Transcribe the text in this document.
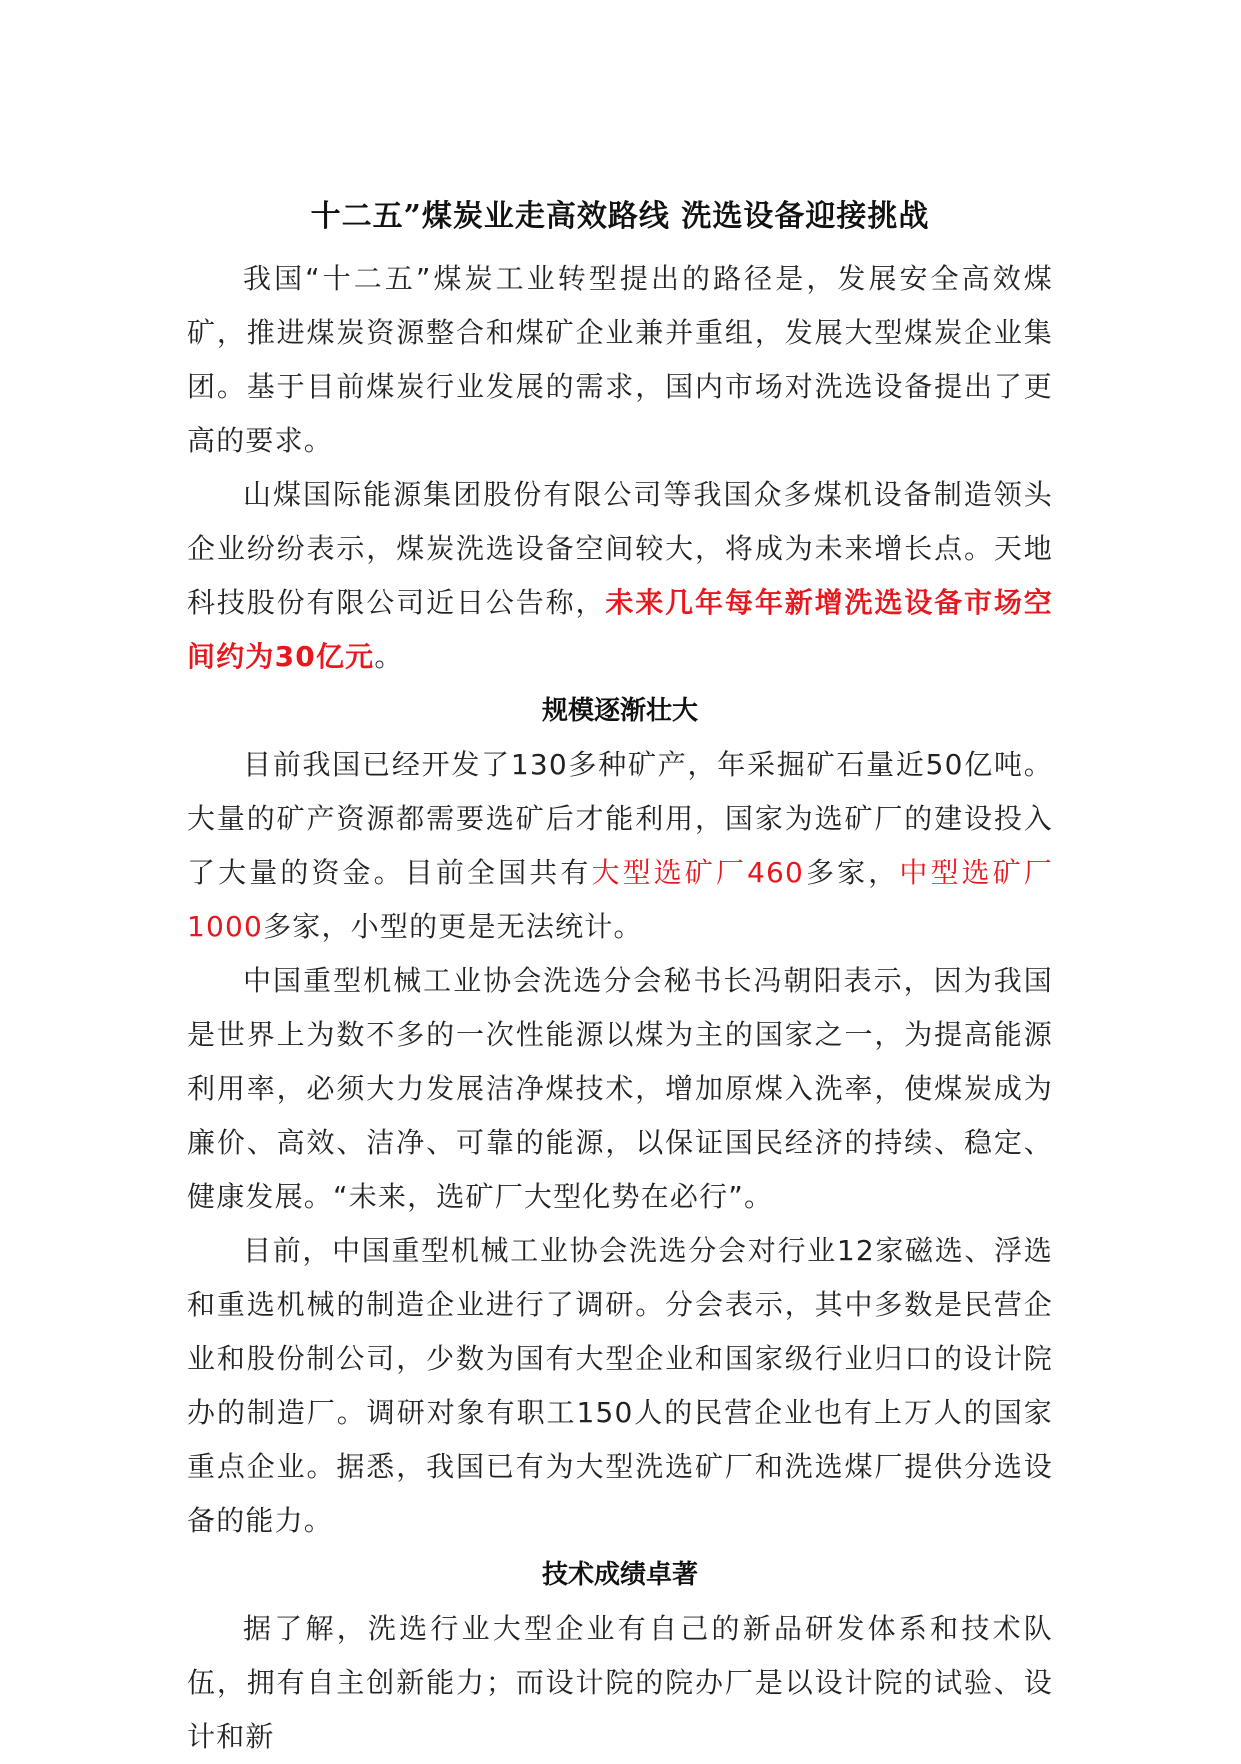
十二五”煤炭业走高效路线 洗选设备迎接挑战

我国“十二五”煤炭工业转型提出的路径是，发展安全高效煤矿，推进煤炭资源整合和煤矿企业兼并重组，发展大型煤炭企业集团。基于目前煤炭行业发展的需求，国内市场对洗选设备提出了更高的要求。

山煤国际能源集团股份有限公司等我国众多煤机设备制造领头企业纷纷表示，煤炭洗选设备空间较大，将成为未来增长点。天地科技股份有限公司近日公告称，未来几年每年新增洗选设备市场空间约为30亿元。

规模逐渐壮大

目前我国已经开发了130多种矿产，年采掘矿石量近50亿吨。大量的矿产资源都需要选矿后才能利用，国家为选矿厂的建设投入了大量的资金。目前全国共有大型选矿厂460多家，中型选矿厂1000多家，小型的更是无法统计。

中国重型机械工业协会洗选分会秘书长冯朝阳表示，因为我国是世界上为数不多的一次性能源以煤为主的国家之一，为提高能源利用率，必须大力发展洁净煤技术，增加原煤入洗率，使煤炭成为廉价、高效、洁净、可靠的能源，以保证国民经济的持续、稳定、健康发展。“未来，选矿厂大型化势在必行”。

目前，中国重型机械工业协会洗选分会对行业12家磁选、浮选和重选机械的制造企业进行了调研。分会表示，其中多数是民营企业和股份制公司，少数为国有大型企业和国家级行业归口的设计院办的制造厂。调研对象有职工150人的民营企业也有上万人的国家重点企业。据悉，我国已有为大型洗选矿厂和洗选煤厂提供分选设备的能力。

技术成绩卓著

据了解，洗选行业大型企业有自己的新品研发体系和技术队伍，拥有自主创新能力；而设计院的院办厂是以设计院的试验、设计和新
